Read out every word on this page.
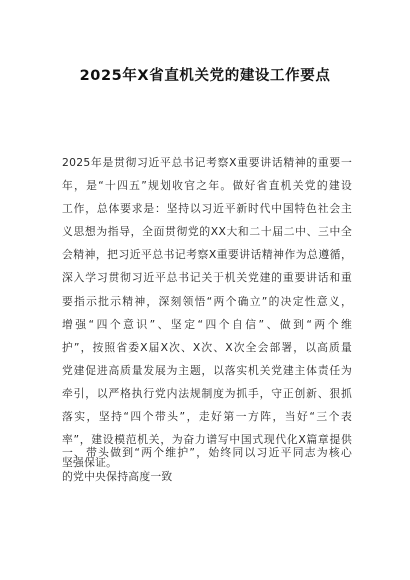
2025年X省直机关党的建设工作要点
2025年是贯彻习近平总书记考察X重要讲话精神的重要一
年，是“十四五”规划收官之年。做好省直机关党的建设
工作，总体要求是：坚持以习近平新时代中国特色社会主
义思想为指导，全面贯彻党的XX大和二十届二中、三中全
会精神，把习近平总书记考察X重要讲话精神作为总遵循，
深入学习贯彻习近平总书记关于机关党建的重要讲话和重
要指示批示精神，深刻领悟“两个确立”的决定性意义，
增强“四个意识”、坚定“四个自信”、做到“两个维
护”，按照省委X届X次、X次、X次全会部署，以高质量
党建促进高质量发展为主题，以落实机关党建主体责任为
牵引，以严格执行党内法规制度为抓手，守正创新、狠抓
落实，坚持“四个带头”，走好第一方阵，当好“三个表
率”，建设模范机关，为奋力谱写中国式现代化X篇章提供
坚强保证。
一、带头做到“两个维护”，始终同以习近平同志为核心
的党中央保持高度一致
